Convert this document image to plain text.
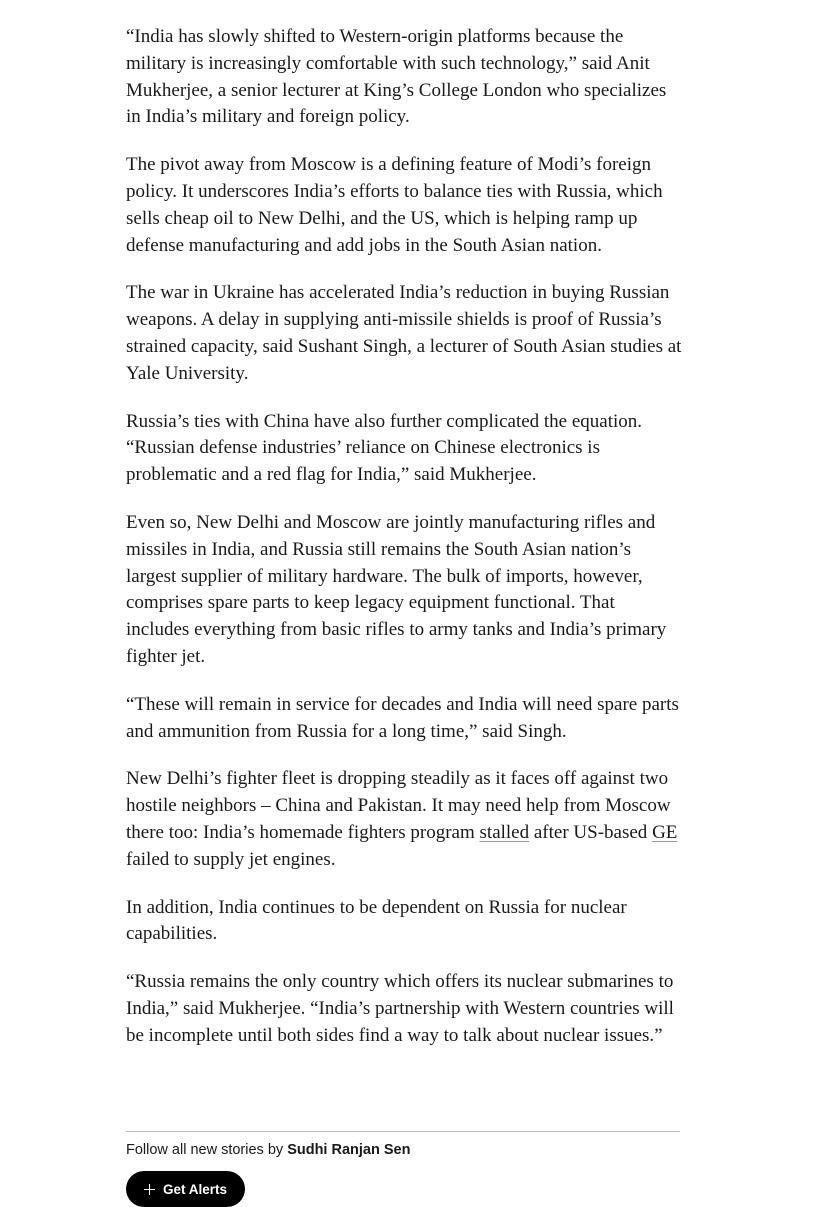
“India has slowly shifted to Western-origin platforms because the military is increasingly comfortable with such technology,” said Anit Mukherjee, a senior lecturer at King’s College London who specializes in India’s military and foreign policy.

The pivot away from Moscow is a defining feature of Modi’s foreign policy. It underscores India’s efforts to balance ties with Russia, which sells cheap oil to New Delhi, and the US, which is helping ramp up defense manufacturing and add jobs in the South Asian nation.

The war in Ukraine has accelerated India’s reduction in buying Russian weapons. A delay in supplying anti-missile shields is proof of Russia’s strained capacity, said Sushant Singh, a lecturer of South Asian studies at Yale University.

Russia’s ties with China have also further complicated the equation. “Russian defense industries’ reliance on Chinese electronics is problematic and a red flag for India,” said Mukherjee.

Even so, New Delhi and Moscow are jointly manufacturing rifles and missiles in India, and Russia still remains the South Asian nation’s largest supplier of military hardware. The bulk of imports, however, comprises spare parts to keep legacy equipment functional. That includes everything from basic rifles to army tanks and India’s primary fighter jet.

“These will remain in service for decades and India will need spare parts and ammunition from Russia for a long time,” said Singh.

New Delhi’s fighter fleet is dropping steadily as it faces off against two hostile neighbors – China and Pakistan. It may need help from Moscow there too: India’s homemade fighters program stalled after US-based GE failed to supply jet engines.

In addition, India continues to be dependent on Russia for nuclear capabilities.

“Russia remains the only country which offers its nuclear submarines to India,” said Mukherjee. “India’s partnership with Western countries will be incomplete until both sides find a way to talk about nuclear issues.”

Follow all new stories by Sudhi Ranjan Sen
Get Alerts
